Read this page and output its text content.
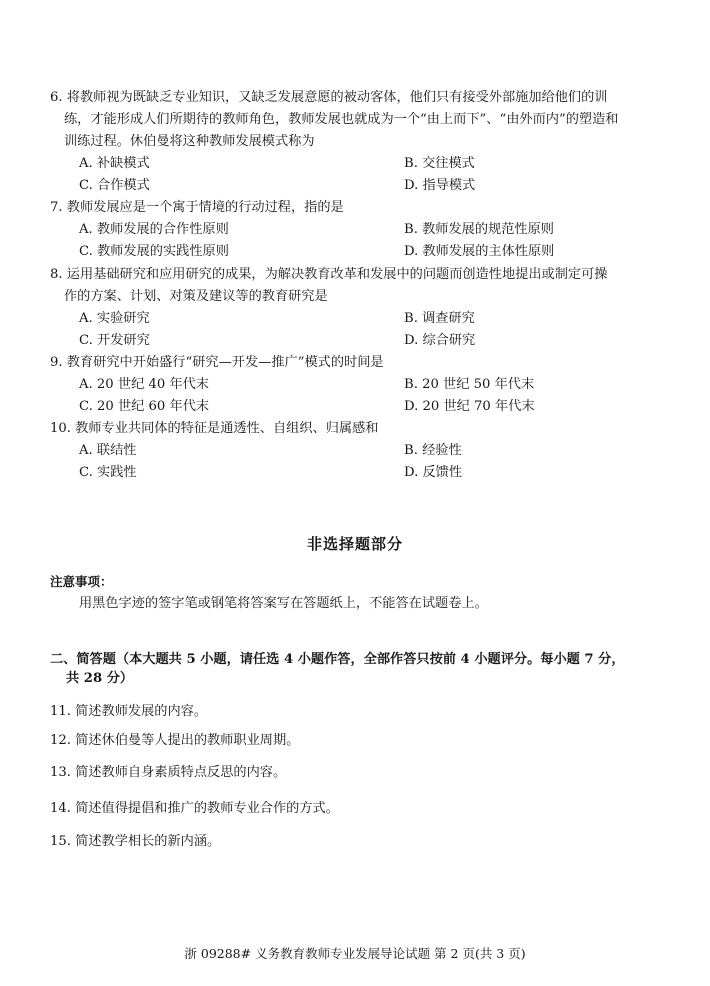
6. 将教师视为既缺乏专业知识，又缺乏发展意愿的被动客体，他们只有接受外部施加给他们的训
练，才能形成人们所期待的教师角色，教师发展也就成为一个“由上而下”、“由外而内”的塑造和
训练过程。休伯曼将这种教师发展模式称为
A. 补缺模式	B. 交往模式
C. 合作模式	D. 指导模式
7. 教师发展应是一个寓于情境的行动过程，指的是
A. 教师发展的合作性原则	B. 教师发展的规范性原则
C. 教师发展的实践性原则	D. 教师发展的主体性原则
8. 运用基础研究和应用研究的成果，为解决教育改革和发展中的问题而创造性地提出或制定可操
作的方案、计划、对策及建议等的教育研究是
A. 实验研究	B. 调查研究
C. 开发研究	D. 综合研究
9. 教育研究中开始盛行“研究—开发—推广”模式的时间是
A. 20 世纪 40 年代末	B. 20 世纪 50 年代末
C. 20 世纪 60 年代末	D. 20 世纪 70 年代末
10. 教师专业共同体的特征是通透性、自组织、归属感和
A. 联结性	B. 经验性
C. 实践性	D. 反馈性
非选择题部分
注意事项：
用黑色字迹的签字笔或钢笔将答案写在答题纸上，不能答在试题卷上。
二、简答题（本大题共 5 小题，请任选 4 小题作答，全部作答只按前 4 小题评分。每小题 7 分，
共 28 分）
11. 简述教师发展的内容。
12. 简述休伯曼等人提出的教师职业周期。
13. 简述教师自身素质特点反思的内容。
14. 简述值得提倡和推广的教师专业合作的方式。
15. 简述教学相长的新内涵。
浙 09288# 义务教育教师专业发展导论试题 第 2 页(共 3 页)
